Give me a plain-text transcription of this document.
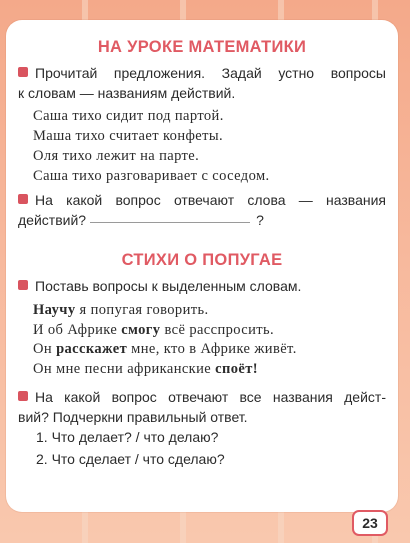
НА УРОКЕ МАТЕМАТИКИ
Прочитай предложения. Задай устно вопросы
к словам — названиям действий.
Саша тихо сидит под партой.
Маша тихо считает конфеты.
Оля тихо лежит на парте.
Саша тихо разговаривает с соседом.
На какой вопрос отвечают слова — названия
действий?	?
СТИХИ О ПОПУГАЕ
Поставь вопросы к выделенным словам.
Научу я попугая говорить.
И об Африке смогу всё расспросить.
Он расскажет мне, кто в Африке живёт.
Он мне песни африканские споёт!
На какой вопрос отвечают все названия дейст-
вий? Подчеркни правильный ответ.
1. Что делает? / что делаю?
2. Что сделает / что сделаю?
23
